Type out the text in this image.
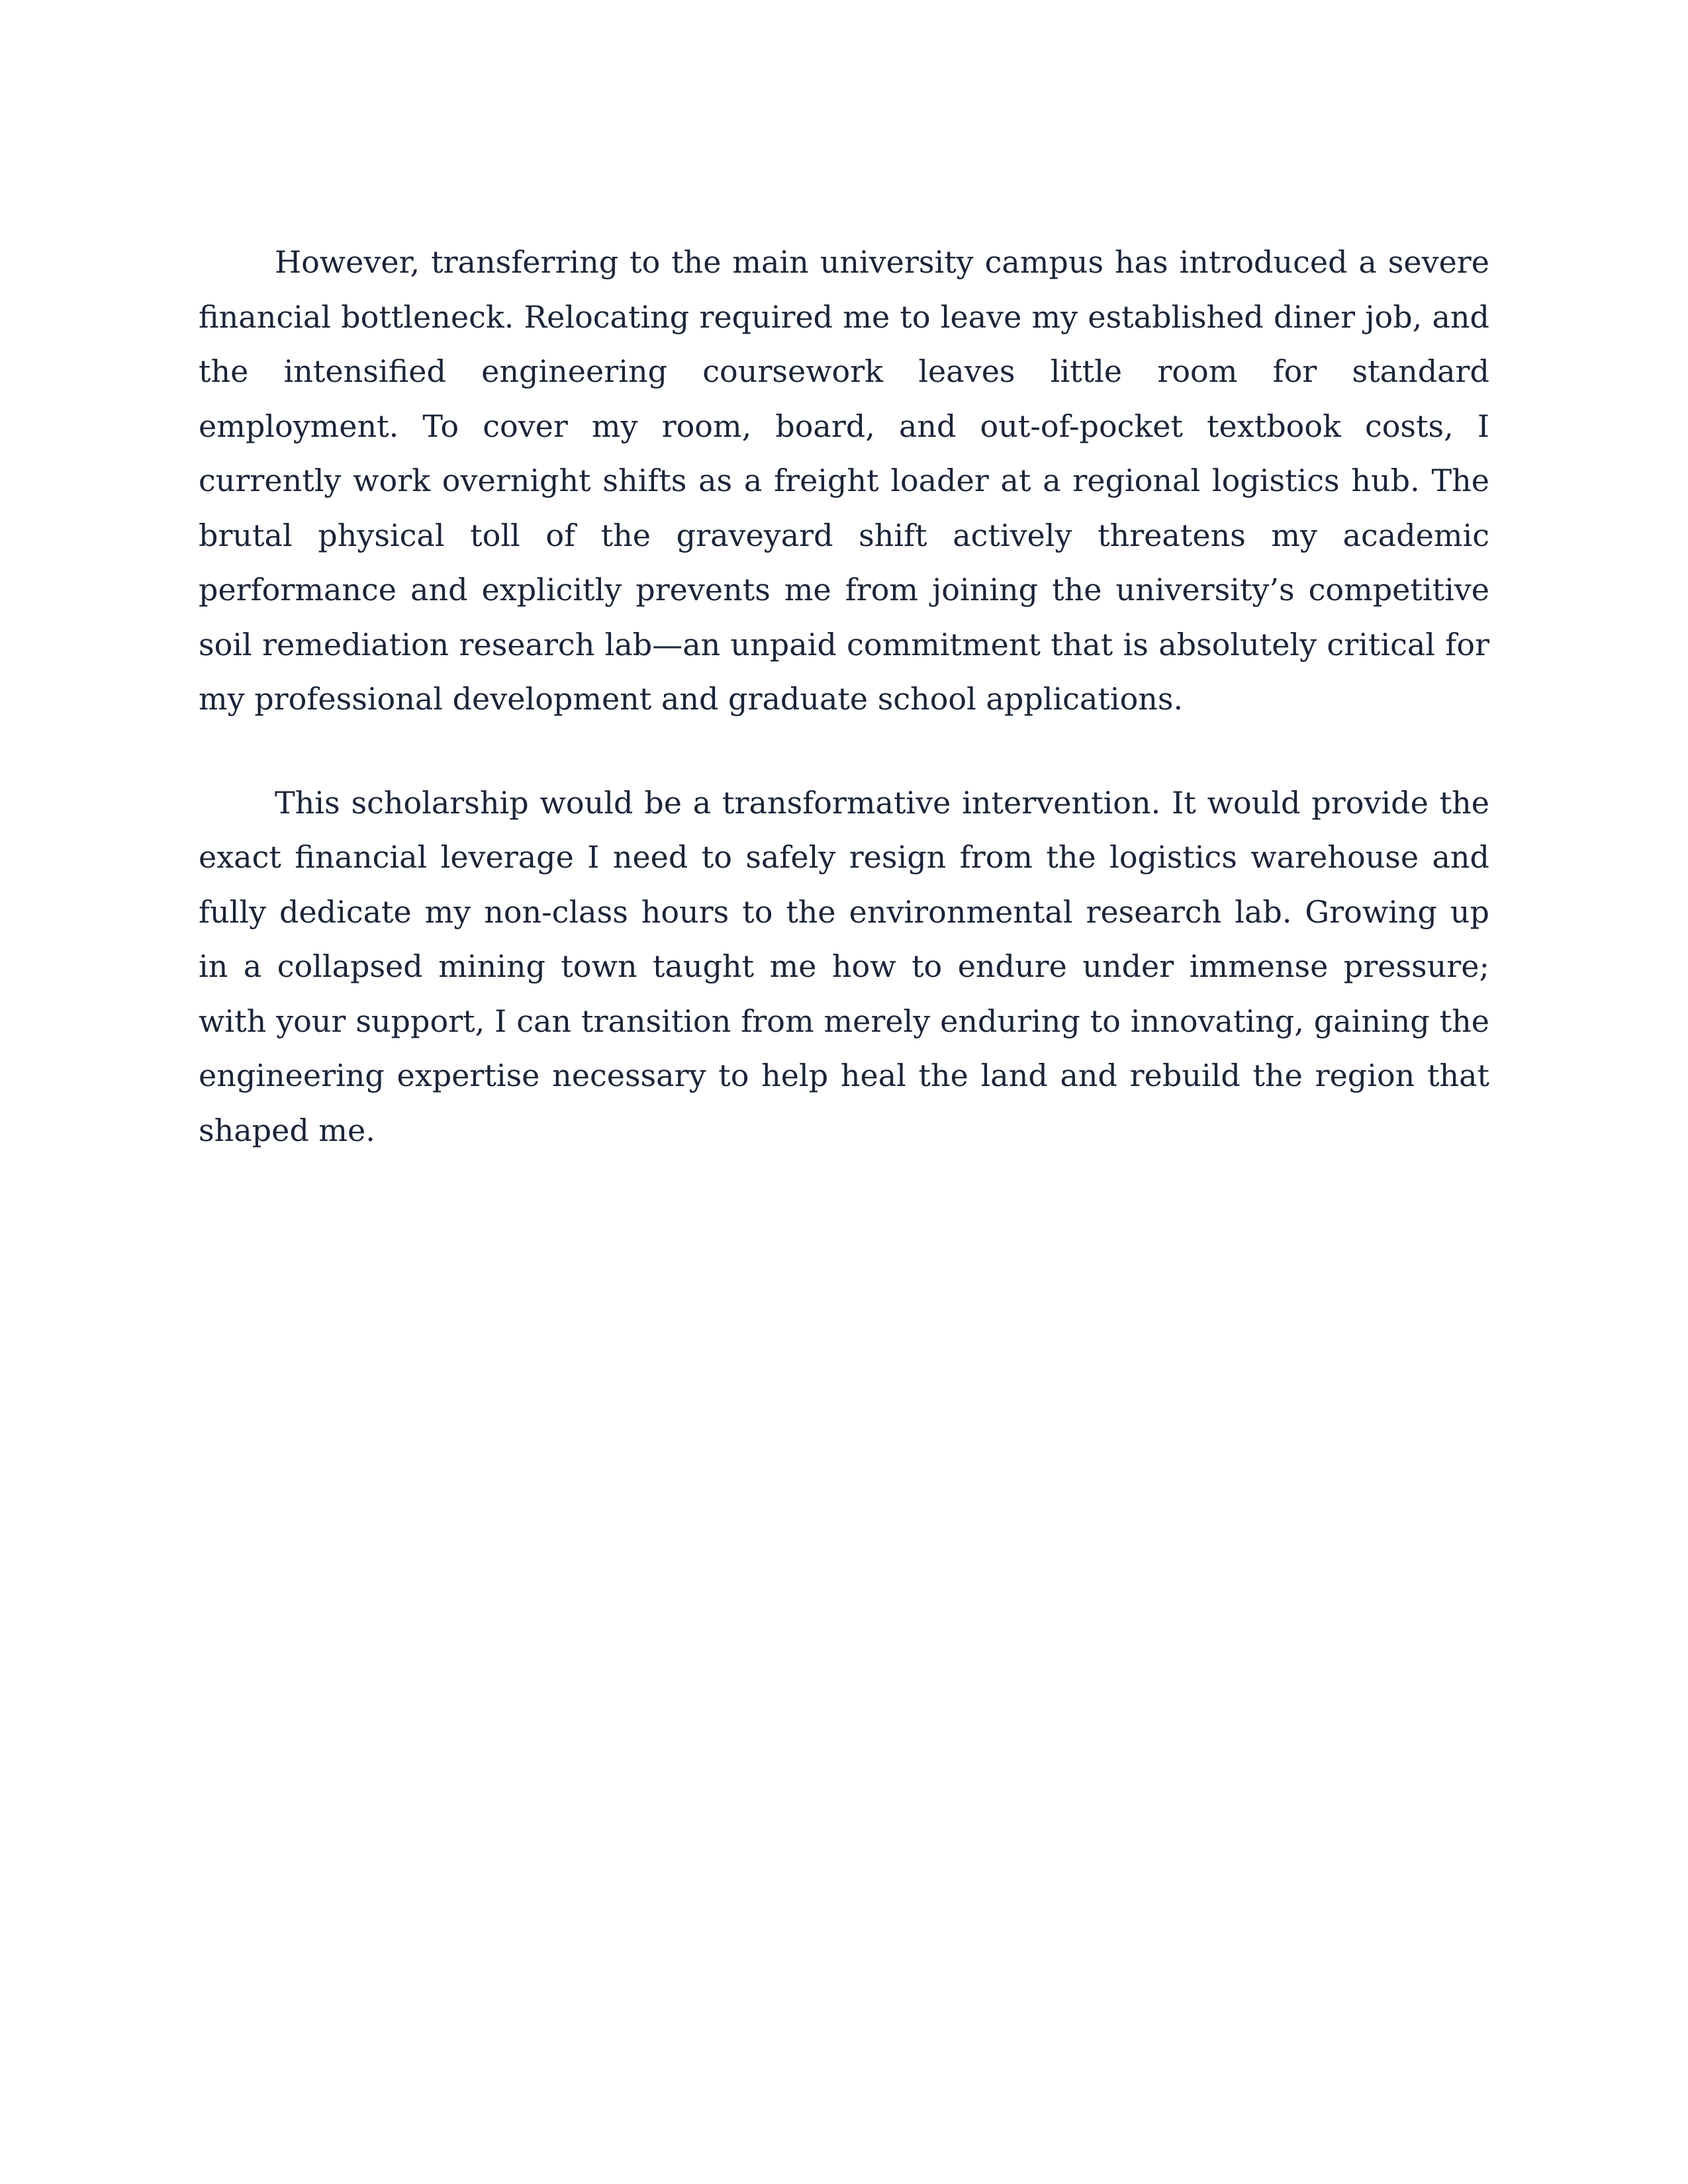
However, transferring to the main university campus has introduced a severe financial bottleneck. Relocating required me to leave my established diner job, and the intensified engineering coursework leaves little room for standard employment. To cover my room, board, and out-of-pocket textbook costs, I currently work overnight shifts as a freight loader at a regional logistics hub. The brutal physical toll of the graveyard shift actively threatens my academic performance and explicitly prevents me from joining the university’s competitive soil remediation research lab—an unpaid commitment that is absolutely critical for my professional development and graduate school applications.

This scholarship would be a transformative intervention. It would provide the exact financial leverage I need to safely resign from the logistics warehouse and fully dedicate my non-class hours to the environmental research lab. Growing up in a collapsed mining town taught me how to endure under immense pressure; with your support, I can transition from merely enduring to innovating, gaining the engineering expertise necessary to help heal the land and rebuild the region that shaped me.
